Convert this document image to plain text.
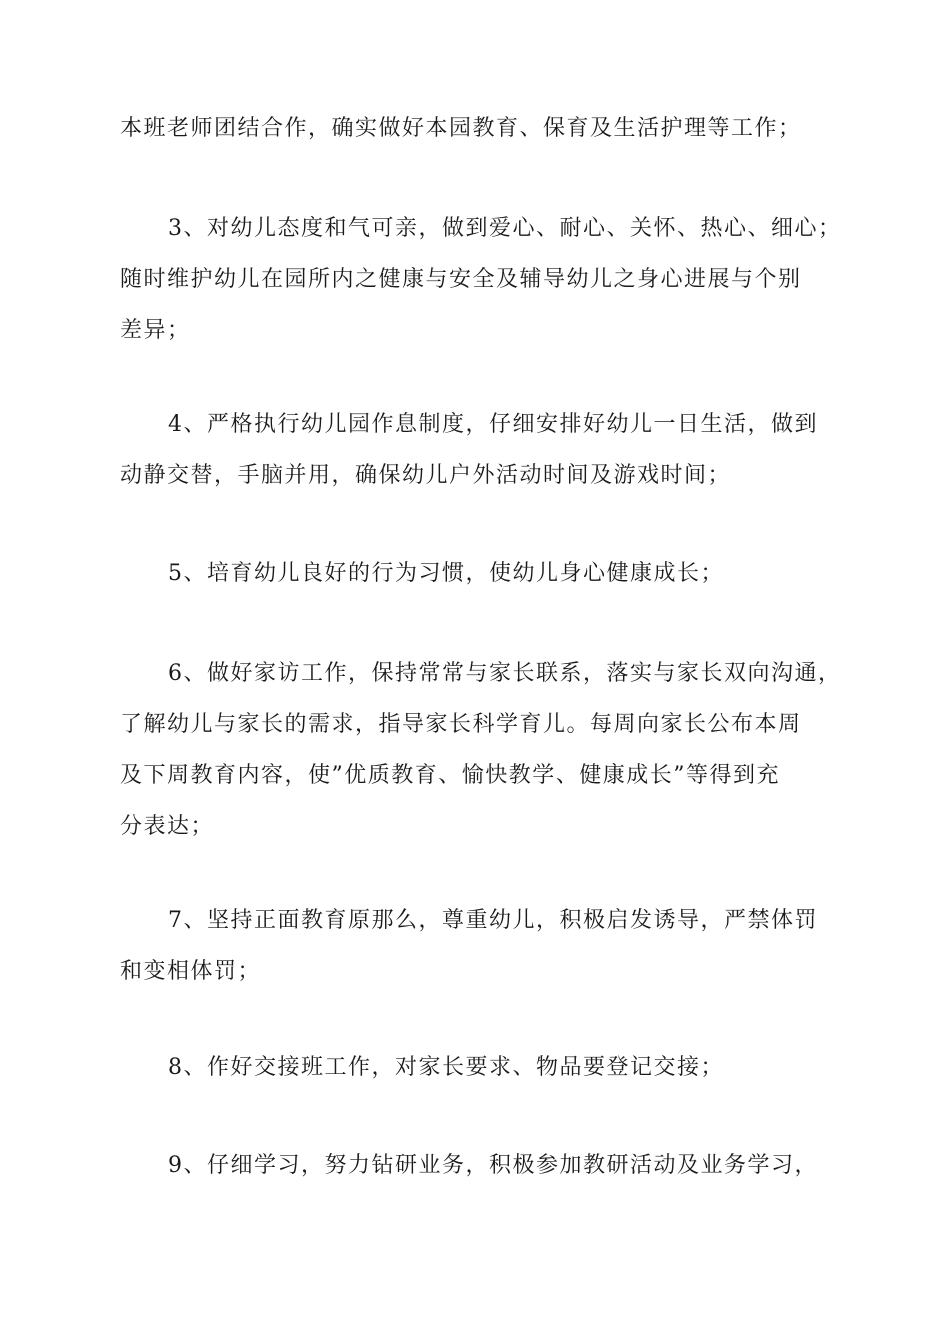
本班老师团结合作，确实做好本园教育、保育及生活护理等工作；

3、对幼儿态度和气可亲，做到爱心、耐心、关怀、热心、细心；
随时维护幼儿在园所内之健康与安全及辅导幼儿之身心进展与个别
差异；

4、严格执行幼儿园作息制度，仔细安排好幼儿一日生活，做到
动静交替，手脑并用，确保幼儿户外活动时间及游戏时间；

5、培育幼儿良好的行为习惯，使幼儿身心健康成长；

6、做好家访工作，保持常常与家长联系，落实与家长双向沟通，
了解幼儿与家长的需求，指导家长科学育儿。每周向家长公布本周
及下周教育内容，使”优质教育、愉快教学、健康成长”等得到充
分表达；

7、坚持正面教育原那么，尊重幼儿，积极启发诱导，严禁体罚
和变相体罚；

8、作好交接班工作，对家长要求、物品要登记交接；

9、仔细学习，努力钻研业务，积极参加教研活动及业务学习，
